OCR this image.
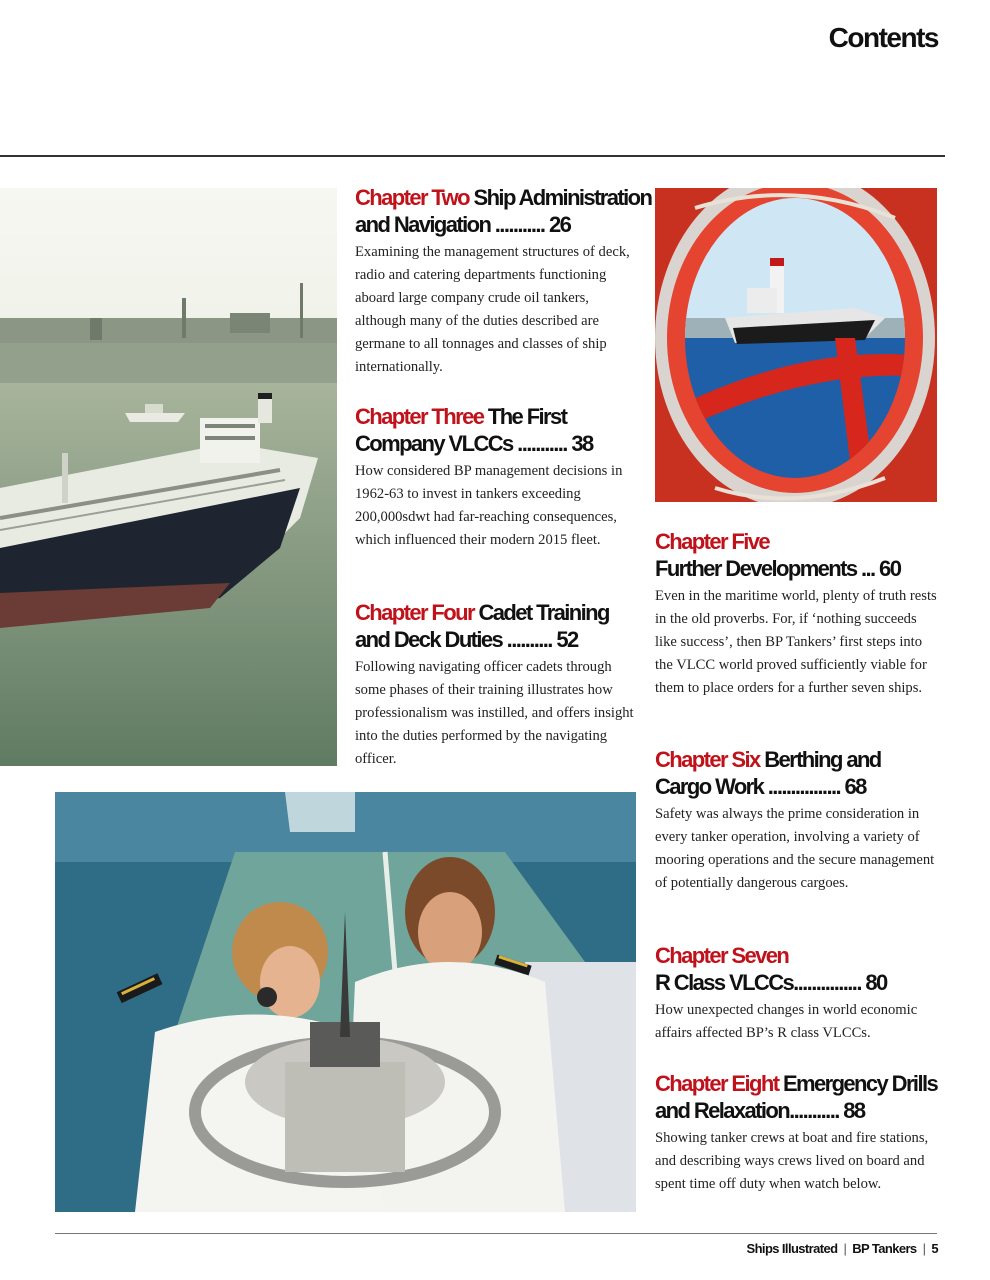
Contents
Chapter Two Ship Administration
and Navigation ........... 26
Examining the management structures of deck, radio and catering departments functioning aboard large company crude oil tankers, although many of the duties described are germane to all tonnages and classes of ship internationally.
Chapter Three The First
Company VLCCs ........... 38
How considered BP management decisions in 1962-63 to invest in tankers exceeding 200,000sdwt had far-reaching consequences, which influenced their modern 2015 fleet.
Chapter Four Cadet Training
and Deck Duties .......... 52
Following navigating officer cadets through some phases of their training illustrates how professionalism was instilled, and offers insight into the duties performed by the navigating officer.
Chapter Five
Further Developments ... 60
Even in the maritime world, plenty of truth rests in the old proverbs. For, if ‘nothing succeeds like success’, then BP Tankers’ first steps into the VLCC world proved sufficiently viable for them to place orders for a further seven ships.
Chapter Six Berthing and
Cargo Work ................ 68
Safety was always the prime consideration in every tanker operation, involving a variety of mooring operations and the secure management of potentially dangerous cargoes.
Chapter Seven
R Class VLCCs............... 80
How unexpected changes in world economic affairs affected BP’s R class VLCCs.
Chapter Eight Emergency Drills
and Relaxation........... 88
Showing tanker crews at boat and fire stations, and describing ways crews lived on board and spent time off duty when watch below.
Ships Illustrated | BP Tankers | 5
